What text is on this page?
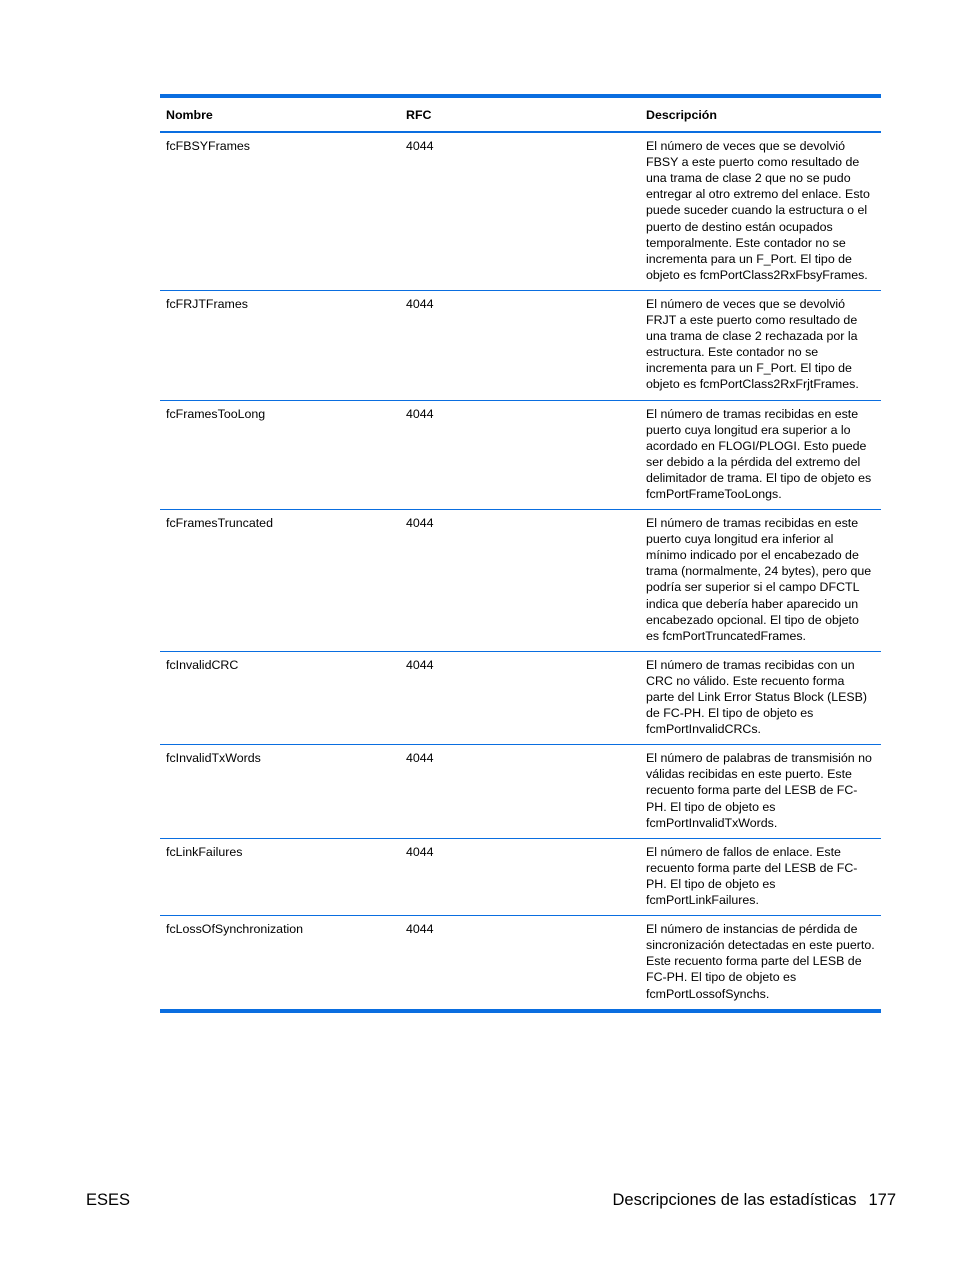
Nombre	RFC	Descripción
fcFBSYFrames	4044	El número de veces que se devolvió FBSY a este puerto como resultado de una trama de clase 2 que no se pudo entregar al otro extremo del enlace. Esto puede suceder cuando la estructura o el puerto de destino están ocupados temporalmente. Este contador no se incrementa para un F_Port. El tipo de objeto es fcmPortClass2RxFbsyFrames.
fcFRJTFrames	4044	El número de veces que se devolvió FRJT a este puerto como resultado de una trama de clase 2 rechazada por la estructura. Este contador no se incrementa para un F_Port. El tipo de objeto es fcmPortClass2RxFrjtFrames.
fcFramesTooLong	4044	El número de tramas recibidas en este puerto cuya longitud era superior a lo acordado en FLOGI/PLOGI. Esto puede ser debido a la pérdida del extremo del delimitador de trama. El tipo de objeto es fcmPortFrameTooLongs.
fcFramesTruncated	4044	El número de tramas recibidas en este puerto cuya longitud era inferior al mínimo indicado por el encabezado de trama (normalmente, 24 bytes), pero que podría ser superior si el campo DFCTL indica que debería haber aparecido un encabezado opcional. El tipo de objeto es fcmPortTruncatedFrames.
fcInvalidCRC	4044	El número de tramas recibidas con un CRC no válido. Este recuento forma parte del Link Error Status Block (LESB) de FC-PH. El tipo de objeto es fcmPortInvalidCRCs.
fcInvalidTxWords	4044	El número de palabras de transmisión no válidas recibidas en este puerto. Este recuento forma parte del LESB de FC-PH. El tipo de objeto es fcmPortInvalidTxWords.
fcLinkFailures	4044	El número de fallos de enlace. Este recuento forma parte del LESB de FC-PH. El tipo de objeto es fcmPortLinkFailures.
fcLossOfSynchronization	4044	El número de instancias de pérdida de sincronización detectadas en este puerto. Este recuento forma parte del LESB de FC-PH. El tipo de objeto es fcmPortLossofSynchs.
ESES	Descripciones de las estadísticas 177
